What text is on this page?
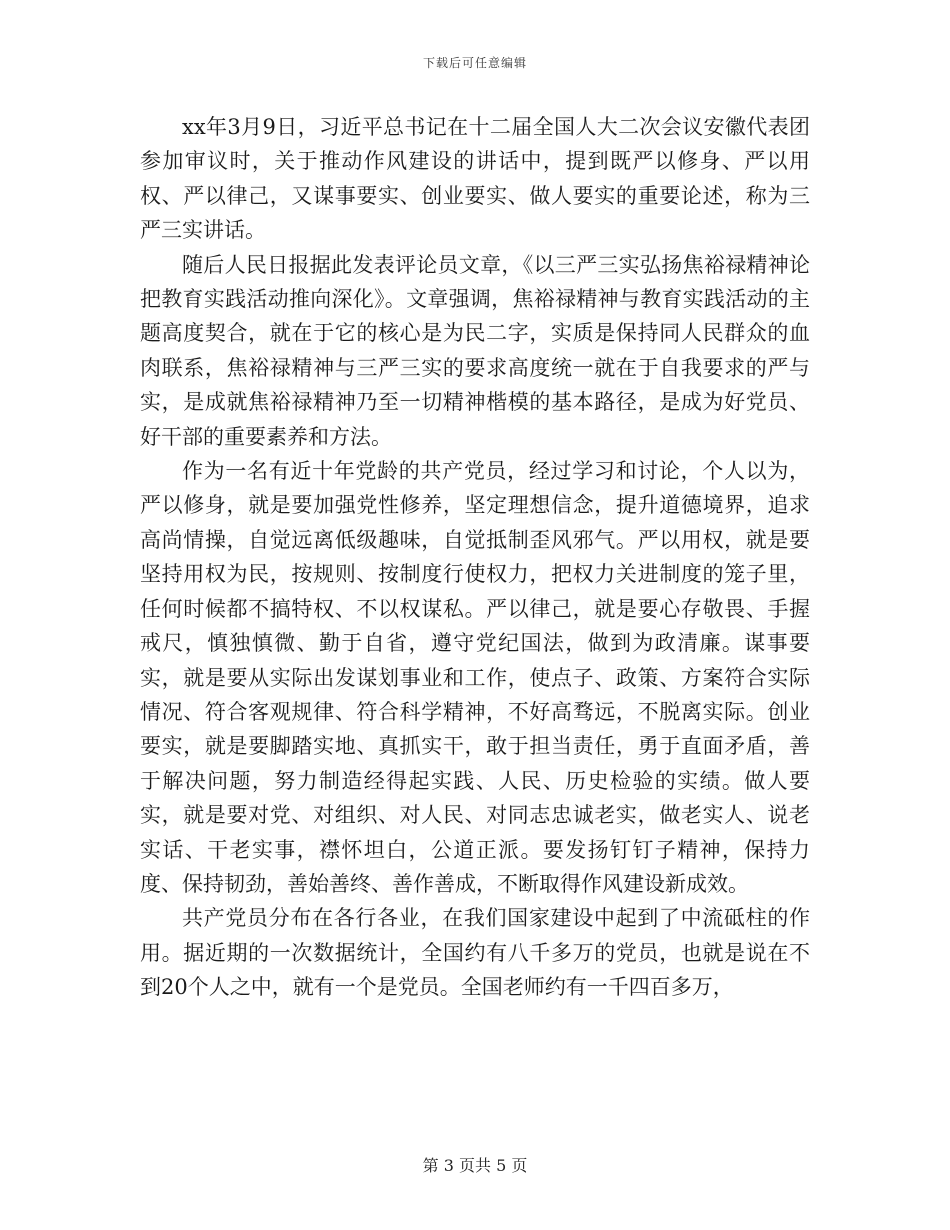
下载后可任意编辑

xx年3月9日，习近平总书记在十二届全国人大二次会议安徽代表团参加审议时，关于推动作风建设的讲话中，提到既严以修身、严以用权、严以律己，又谋事要实、创业要实、做人要实的重要论述，称为三严三实讲话。

随后人民日报据此发表评论员文章，《以三严三实弘扬焦裕禄精神论把教育实践活动推向深化》。文章强调，焦裕禄精神与教育实践活动的主题高度契合，就在于它的核心是为民二字，实质是保持同人民群众的血肉联系，焦裕禄精神与三严三实的要求高度统一就在于自我要求的严与实，是成就焦裕禄精神乃至一切精神楷模的基本路径，是成为好党员、好干部的重要素养和方法。

作为一名有近十年党龄的共产党员，经过学习和讨论，个人以为，严以修身，就是要加强党性修养，坚定理想信念，提升道德境界，追求高尚情操，自觉远离低级趣味，自觉抵制歪风邪气。严以用权，就是要坚持用权为民，按规则、按制度行使权力，把权力关进制度的笼子里，任何时候都不搞特权、不以权谋私。严以律己，就是要心存敬畏、手握戒尺，慎独慎微、勤于自省，遵守党纪国法，做到为政清廉。谋事要实，就是要从实际出发谋划事业和工作，使点子、政策、方案符合实际情况、符合客观规律、符合科学精神，不好高骛远，不脱离实际。创业要实，就是要脚踏实地、真抓实干，敢于担当责任，勇于直面矛盾，善于解决问题，努力制造经得起实践、人民、历史检验的实绩。做人要实，就是要对党、对组织、对人民、对同志忠诚老实，做老实人、说老实话、干老实事，襟怀坦白，公道正派。要发扬钉钉子精神，保持力度、保持韧劲，善始善终、善作善成，不断取得作风建设新成效。

共产党员分布在各行各业，在我们国家建设中起到了中流砥柱的作用。据近期的一次数据统计，全国约有八千多万的党员，也就是说在不到20个人之中，就有一个是党员。全国老师约有一千四百多万，

第 3 页共 5 页
